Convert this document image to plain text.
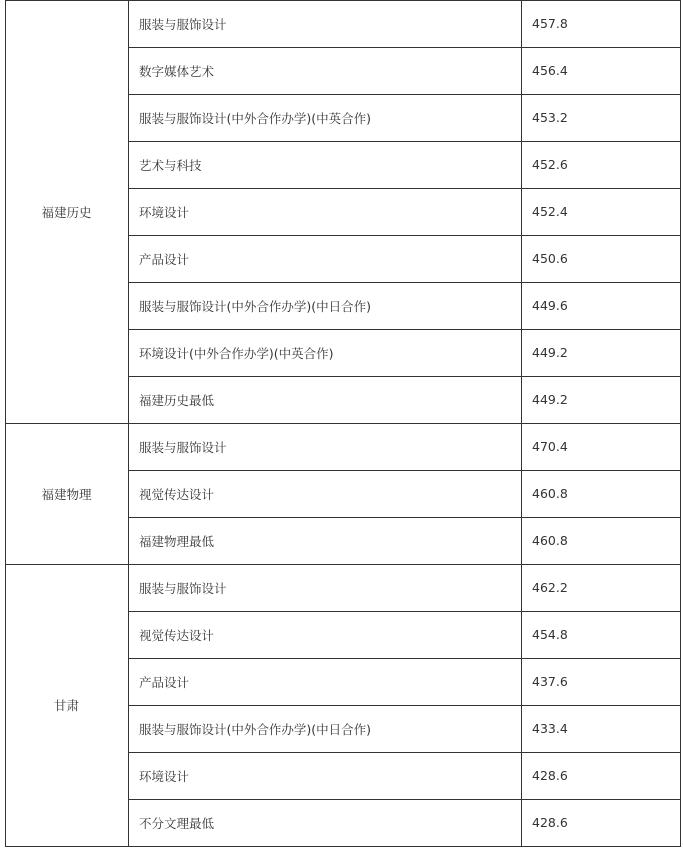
福建历史
服装与服饰设计	457.8
数字媒体艺术	456.4
服装与服饰设计(中外合作办学)(中英合作)	453.2
艺术与科技	452.6
环境设计	452.4
产品设计	450.6
服装与服饰设计(中外合作办学)(中日合作)	449.6
环境设计(中外合作办学)(中英合作)	449.2
福建历史最低	449.2
福建物理
服装与服饰设计	470.4
视觉传达设计	460.8
福建物理最低	460.8
甘肃
服装与服饰设计	462.2
视觉传达设计	454.8
产品设计	437.6
服装与服饰设计(中外合作办学)(中日合作)	433.4
环境设计	428.6
不分文理最低	428.6
